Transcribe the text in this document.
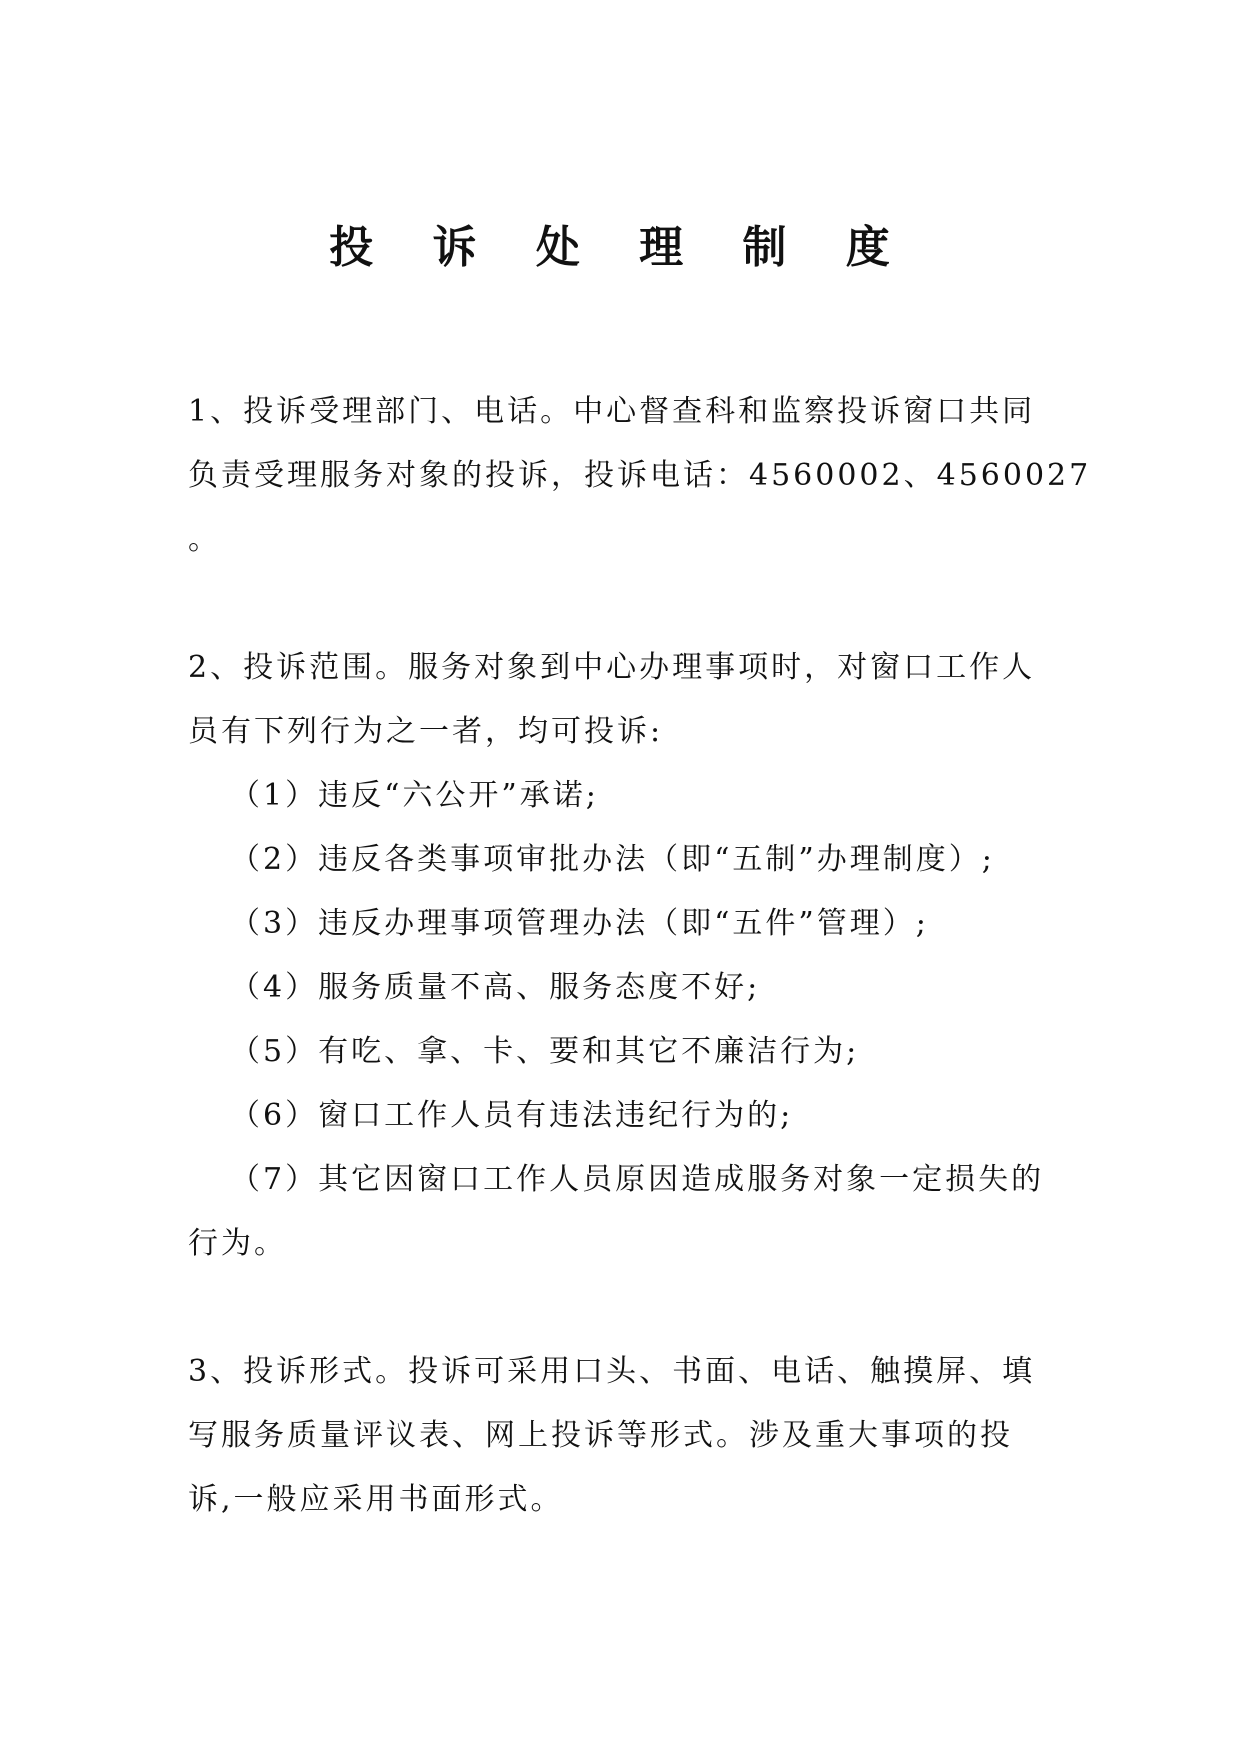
投 诉 处 理 制 度
1、投诉受理部门、电话。中心督查科和监察投诉窗口共同
负责受理服务对象的投诉，投诉电话：4560002、4560027
。
2、投诉范围。服务对象到中心办理事项时，对窗口工作人
员有下列行为之一者，均可投诉:
（1）违反“六公开”承诺;
（2）违反各类事项审批办法（即“五制”办理制度）;
（3）违反办理事项管理办法（即“五件”管理）;
（4）服务质量不高、服务态度不好;
（5）有吃、拿、卡、要和其它不廉洁行为;
（6）窗口工作人员有违法违纪行为的;
（7）其它因窗口工作人员原因造成服务对象一定损失的
行为。
3、投诉形式。投诉可采用口头、书面、电话、触摸屏、填
写服务质量评议表、网上投诉等形式。涉及重大事项的投
诉,一般应采用书面形式。
